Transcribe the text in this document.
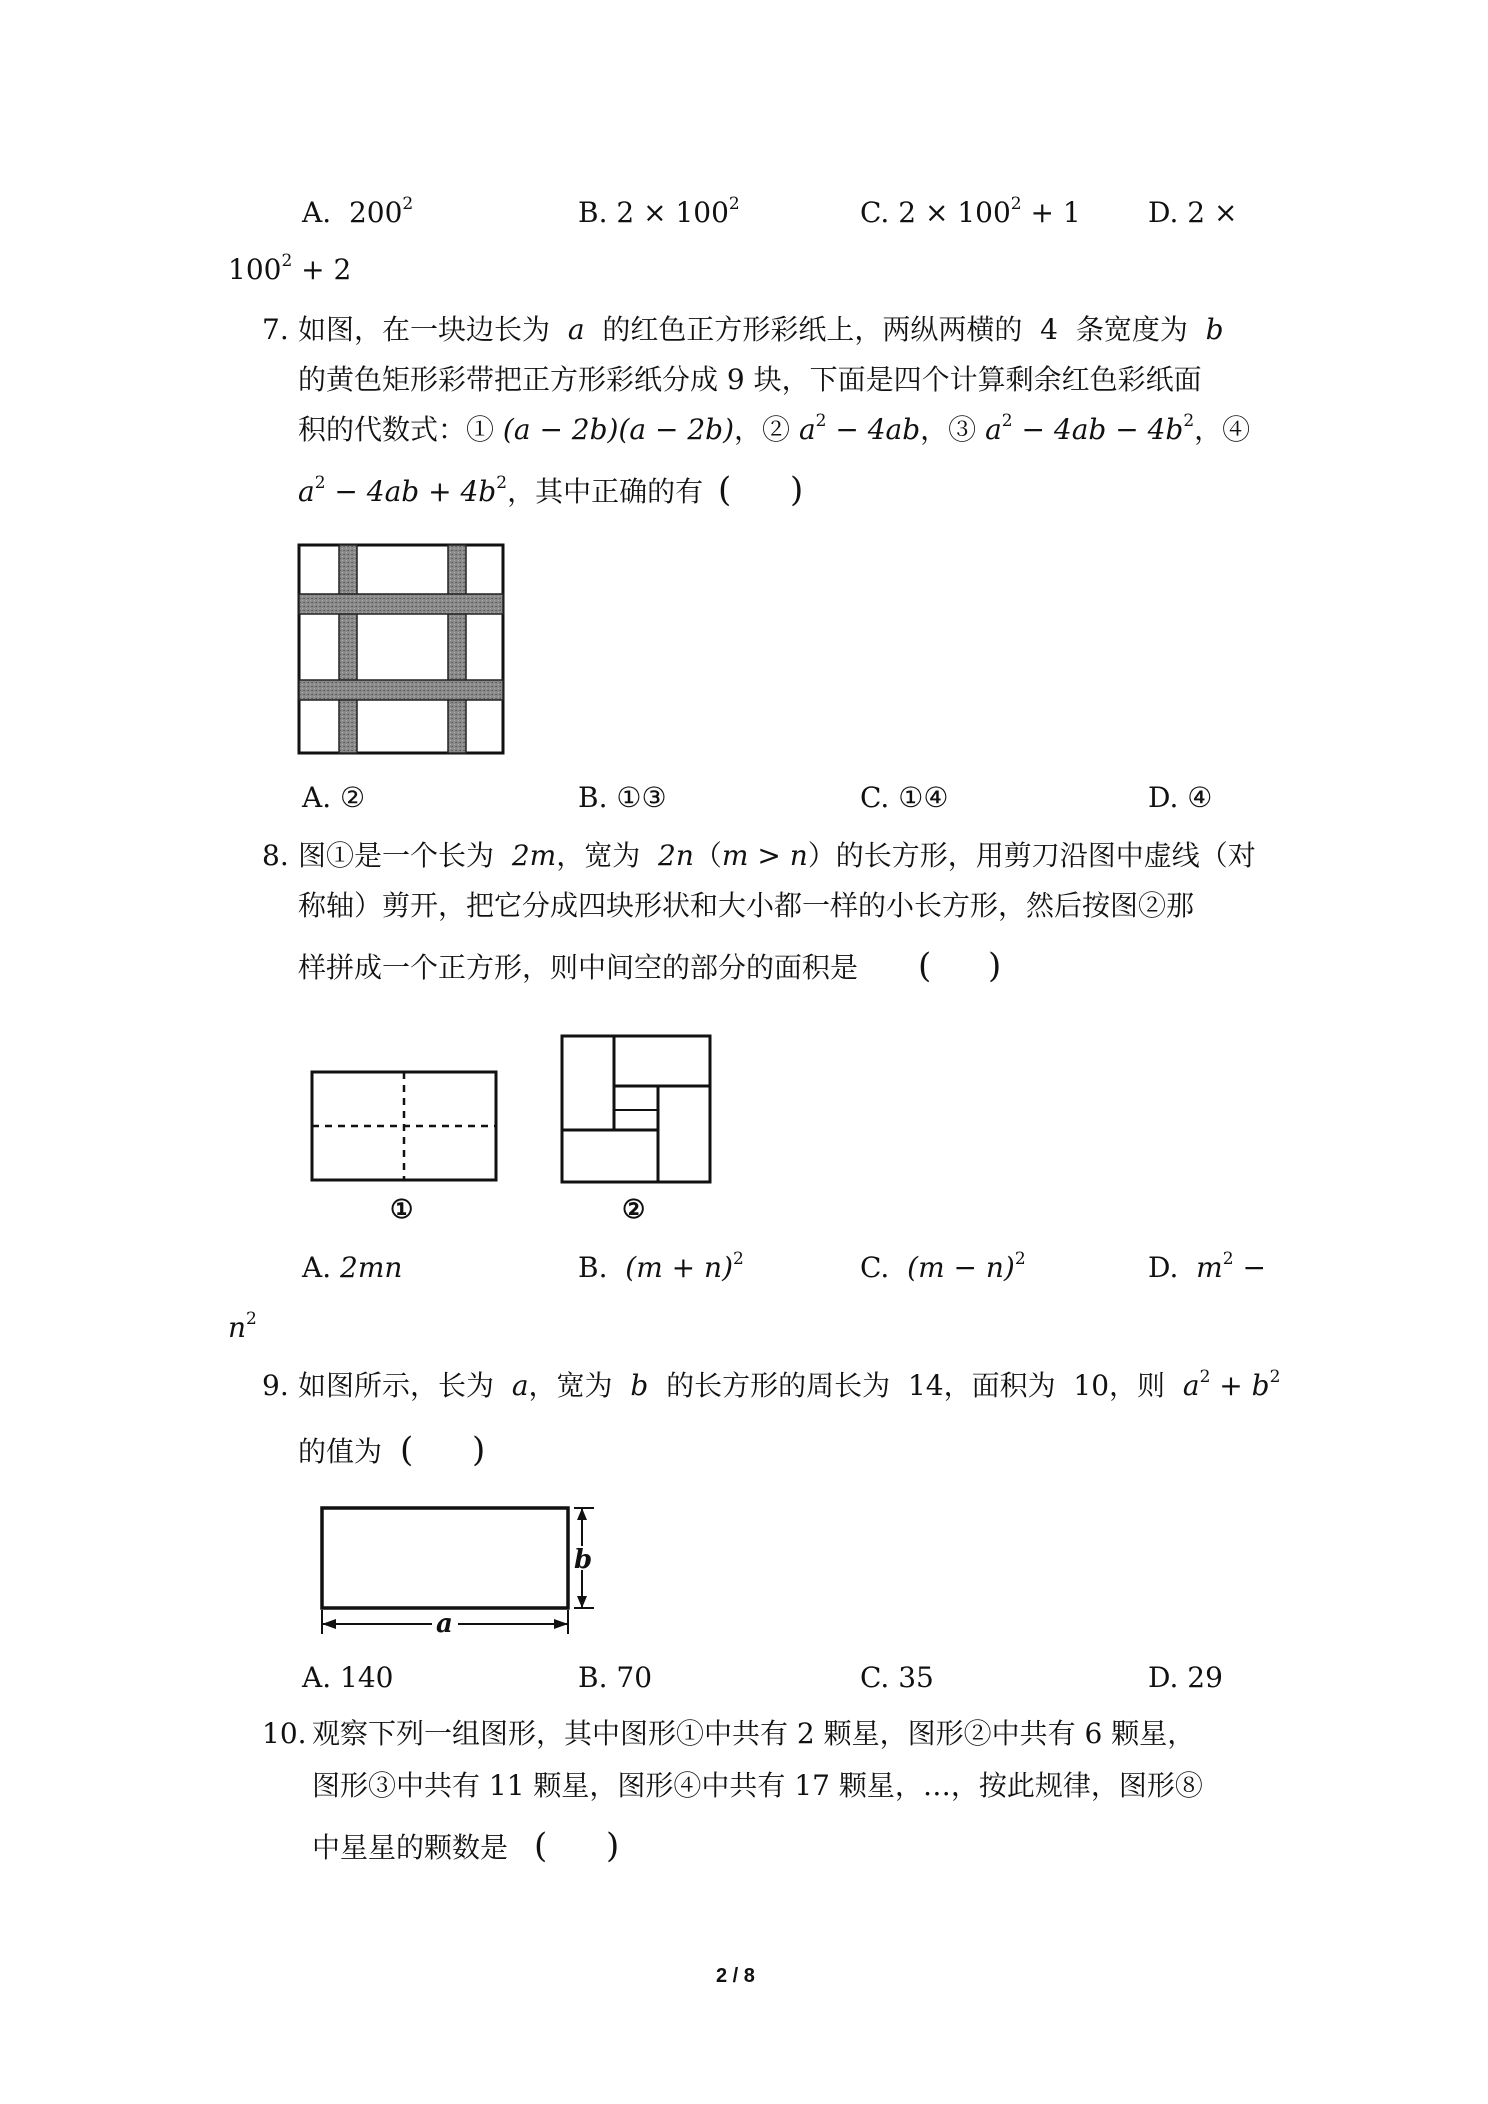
A. $200^2$	B. $2 \times 100^2$	C. $2 \times 100^2 + 1$ D. 2 ×
$100^2 + 2$
7. 如图，在一块边长为 a 的红色正方形彩纸上，两纵两横的 4 条宽度为 b
的黄色矩形彩带把正方形彩纸分成 9 块，下面是四个计算剩余红色彩纸面
积的代数式：① (a − 2b)(a − 2b)，② $a^2 - 4ab$，③ $a^2 - 4ab - 4b^2$，④
$a^2 - 4ab + 4b^2$，其中正确的有 ( )
A. ②	B. ①③	C. ①④	D. ④
8. 图①是一个长为 2m，宽为 2n（m > n）的长方形，用剪刀沿图中虚线（对
称轴）剪开，把它分成四块形状和大小都一样的小长方形，然后按图②那
样拼成一个正方形，则中间空的部分的面积是 ( )
①	②
A. 2mn	B. $(m + n)^2$	C. $(m - n)^2$	D. $m^2$ −
$n^2$
9. 如图所示，长为 a，宽为 b 的长方形的周长为 14，面积为 10，则 $a^2 + b^2$
的值为 ( )
a
b
A. 140	B. 70	C. 35	D. 29
10. 观察下列一组图形，其中图形①中共有 2 颗星，图形②中共有 6 颗星，
图形③中共有 11 颗星，图形④中共有 17 颗星，…，按此规律，图形⑧
中星星的颗数是 ( )
2 / 8
